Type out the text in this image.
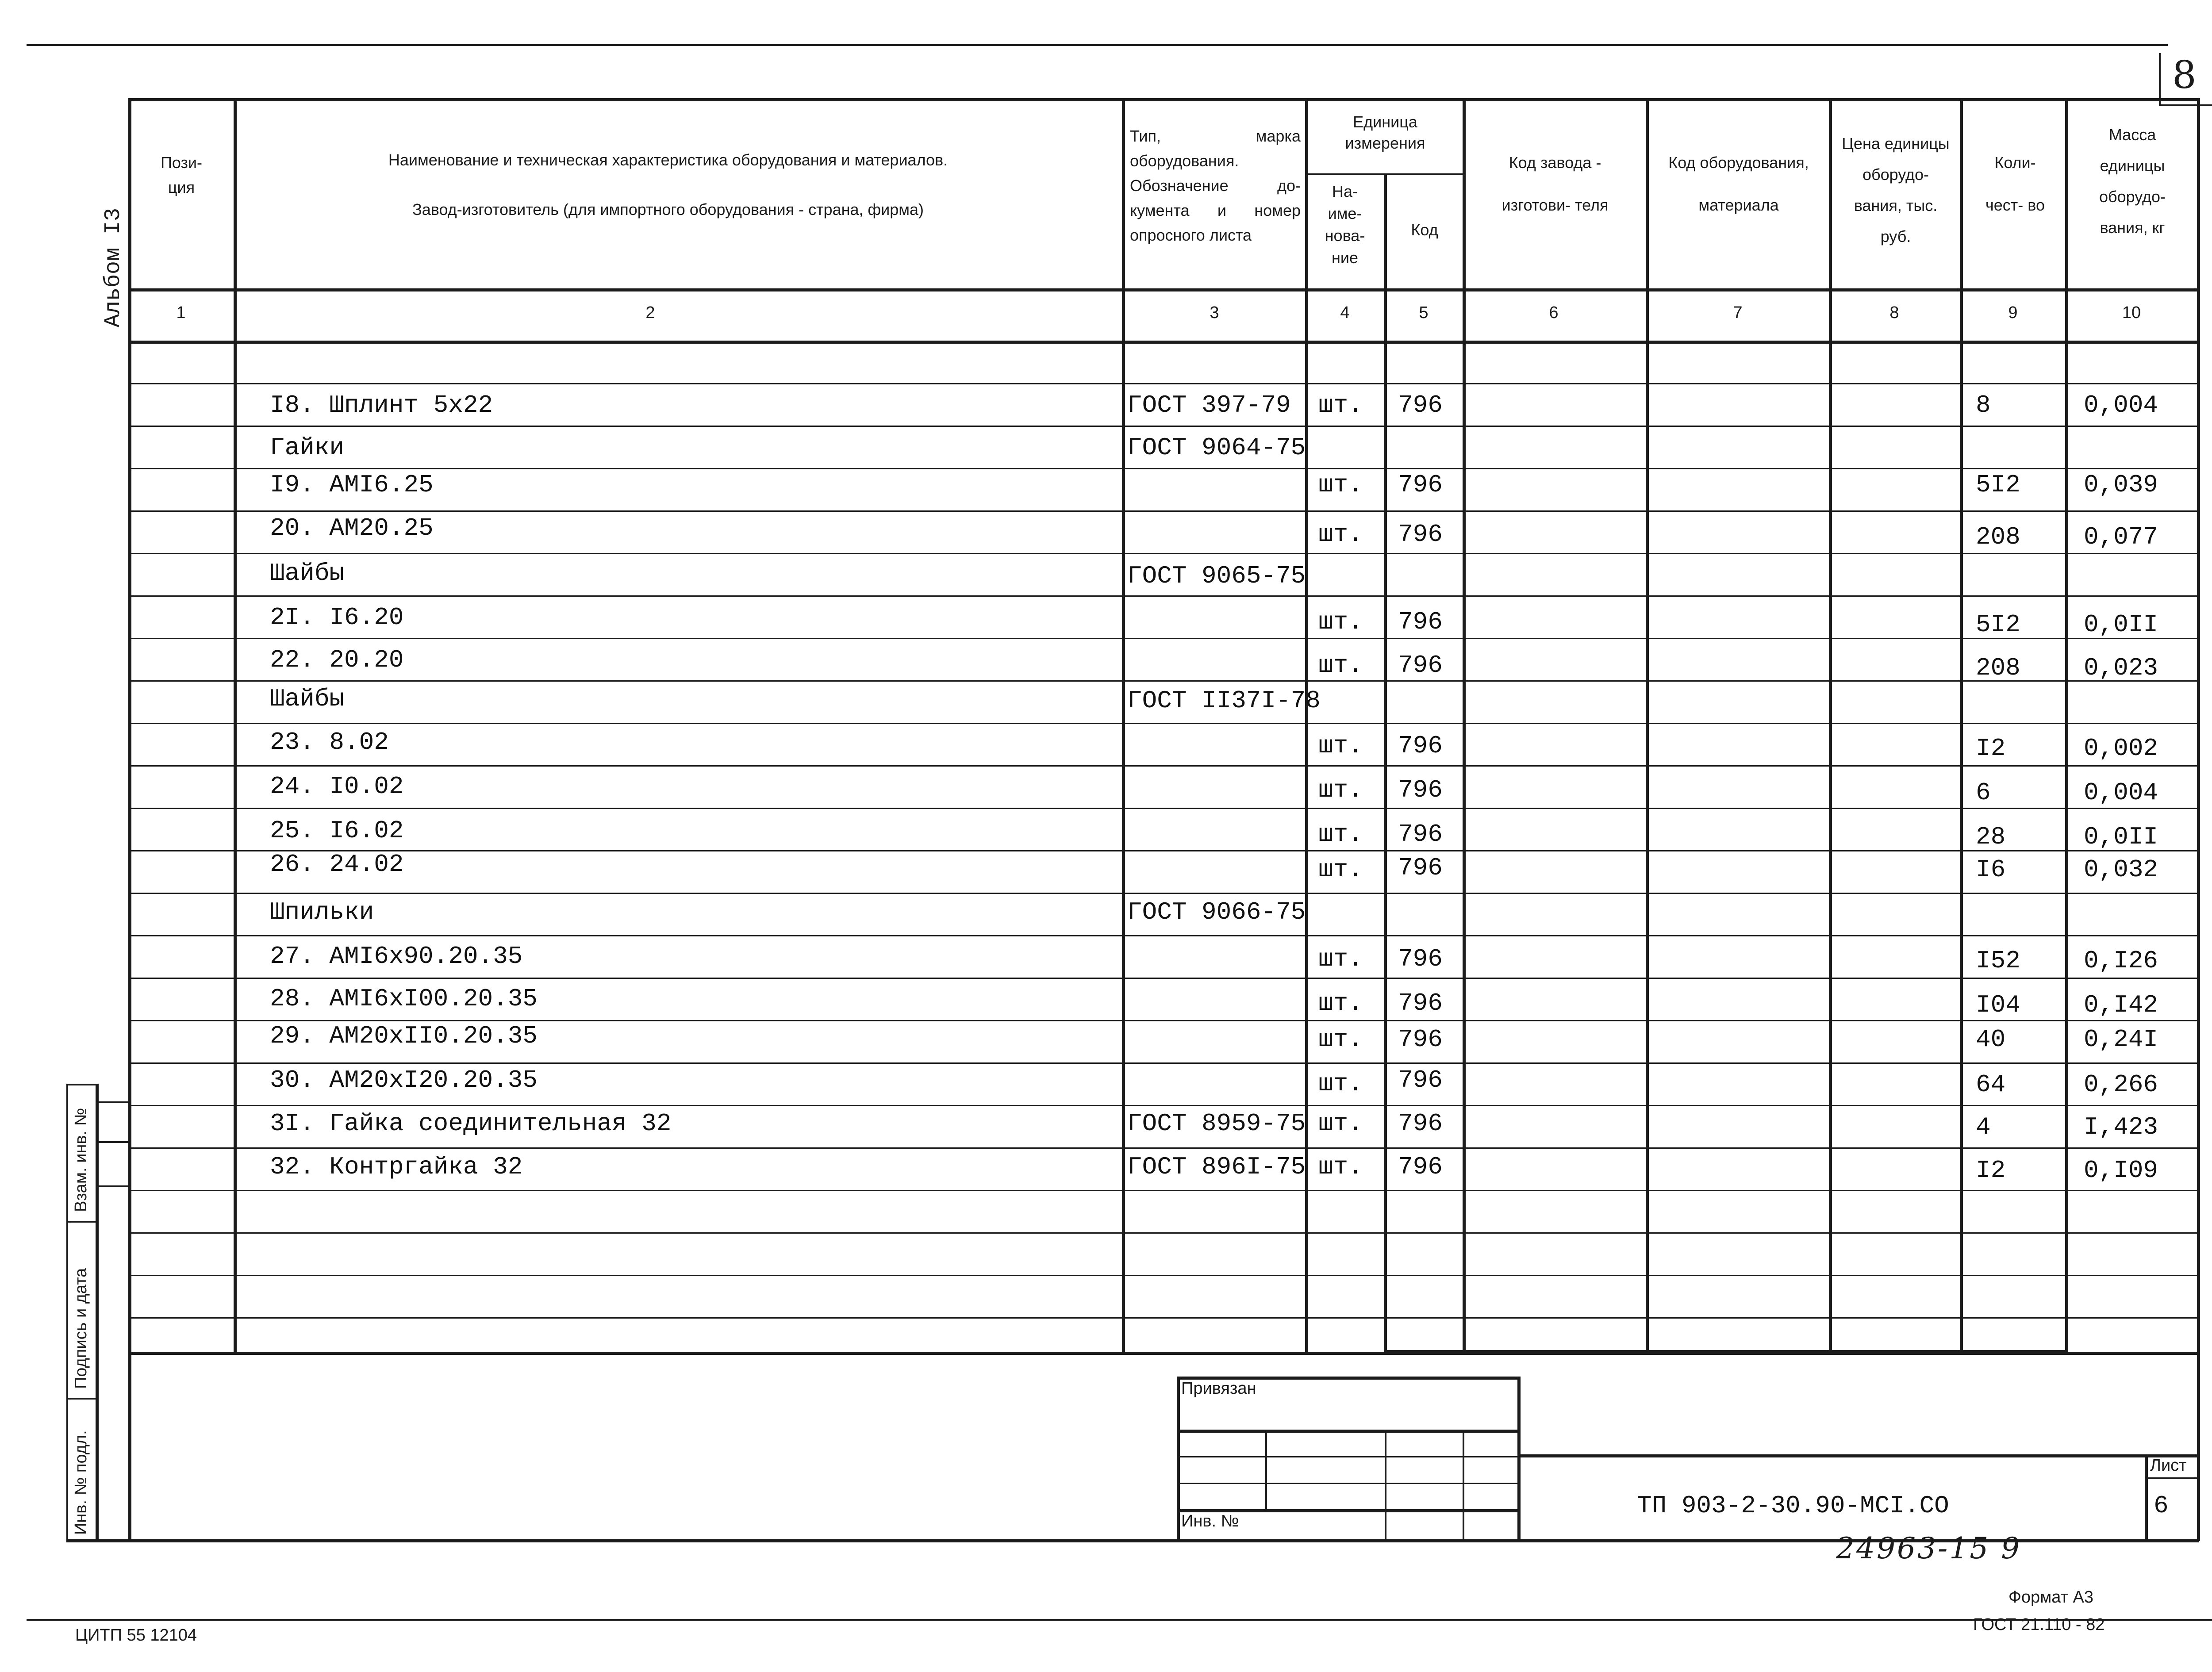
8
Альбом I3
Пози- ция
Наименование и техническая характеристика оборудования и материалов.
Завод-изготовитель (для импортного оборудования - страна, фирма)
Тип, марка оборудования. Обозначение до- кумента и номер опросного листа
Единица измерения
На- име- нова- ние
Код
Код завода - изготови- теля
Код оборудования, материала
Цена единицы оборудо- вания, тыс. руб.
Коли- чест- во
Масса единицы оборудо- вания, кг
1	2	3	4	5	6	7	8	9	10
I8. Шплинт 5x22	ГОСТ 397-79 шт. 796	8	0,004
Гайки	ГОСТ 9064-75
I9. AMI6.25	шт. 796	5I2	0,039
20. AM20.25	шт. 796	208	0,077
Шайбы	ГОСТ 9065-75
2I. I6.20	шт. 796	5I2	0,0II
22. 20.20	шт. 796	208	0,023
Шайбы	ГОСТ II37I-78
23. 8.02	шт. 796	I2	0,002
24. I0.02	шт. 796	6	0,004
25. I6.02	шт. 796	28	0,0II
26. 24.02	шт. 796	I6	0,032
Шпильки	ГОСТ 9066-75
27. AMI6x90.20.35	шт. 796	I52	0,I26
28. AMI6xI00.20.35	шт. 796	I04	0,I42
29. AM20xII0.20.35	шт. 796	40	0,24I
30. AM20xI20.20.35	шт. 796	64	0,266
3I. Гайка соединительная 32	ГОСТ 8959-75 шт. 796	4	I,423
32. Контргайка 32	ГОСТ 896I-75 шт. 796	I2	0,I09
Взам. инв. №
Подпись и дата
Инв. № подл.
Привязан
Инв. №
ТП 903-2-30.90-МСI.СО
Лист
6
24963-15 9
Формат А3
ЦИТП 55 12104
ГОСТ 21.110 - 82
